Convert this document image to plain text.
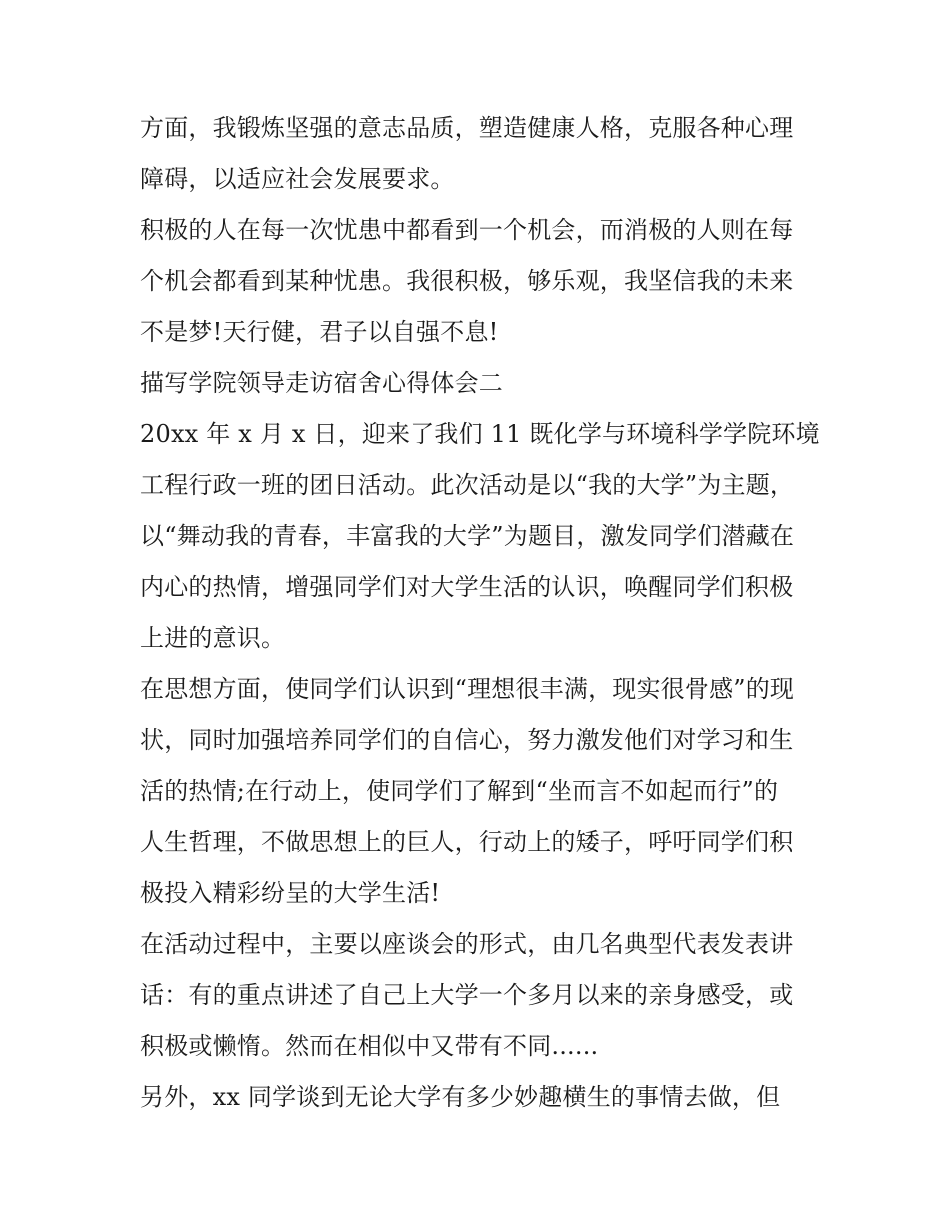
方面，我锻炼坚强的意志品质，塑造健康人格，克服各种心理
障碍，以适应社会发展要求。
积极的人在每一次忧患中都看到一个机会，而消极的人则在每
个机会都看到某种忧患。我很积极，够乐观，我坚信我的未来
不是梦!天行健，君子以自强不息!
描写学院领导走访宿舍心得体会二
20xx 年 x 月 x 日，迎来了我们 11 既化学与环境科学学院环境
工程行政一班的团日活动。此次活动是以“我的大学”为主题，
以“舞动我的青春，丰富我的大学”为题目，激发同学们潜藏在
内心的热情，增强同学们对大学生活的认识，唤醒同学们积极
上进的意识。
在思想方面，使同学们认识到“理想很丰满，现实很骨感”的现
状，同时加强培养同学们的自信心，努力激发他们对学习和生
活的热情;在行动上，使同学们了解到“坐而言不如起而行”的
人生哲理，不做思想上的巨人，行动上的矮子，呼吁同学们积
极投入精彩纷呈的大学生活!
在活动过程中，主要以座谈会的形式，由几名典型代表发表讲
话：有的重点讲述了自己上大学一个多月以来的亲身感受，或
积极或懒惰。然而在相似中又带有不同......
另外，xx 同学谈到无论大学有多少妙趣横生的事情去做，但
